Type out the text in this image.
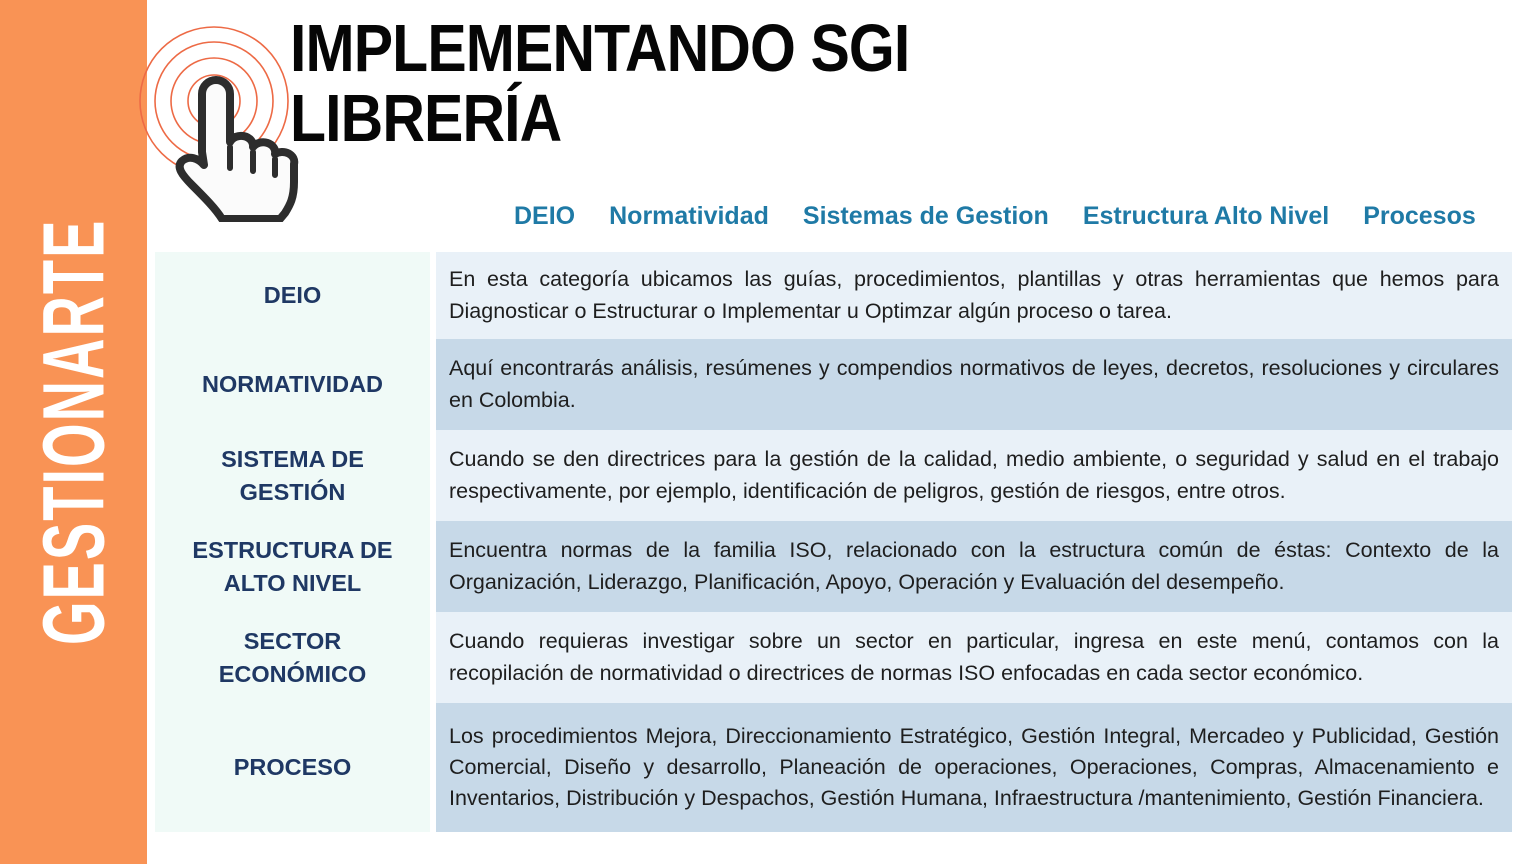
GESTIONARTE
IMPLEMENTANDO SGI
LIBRERÍA
DEIO Normatividad Sistemas de Gestion Estructura Alto Nivel Procesos
DEIO
En esta categoría ubicamos las guías, procedimientos, plantillas y otras herramientas que hemos para Diagnosticar o Estructurar o Implementar u Optimzar algún proceso o tarea.
NORMATIVIDAD
Aquí encontrarás análisis, resúmenes y compendios normativos de leyes, decretos, resoluciones y circulares en Colombia.
SISTEMA DE GESTIÓN
Cuando se den directrices para la gestión de la calidad, medio ambiente, o seguridad y salud en el trabajo respectivamente, por ejemplo, identificación de peligros, gestión de riesgos, entre otros.
ESTRUCTURA DE ALTO NIVEL
Encuentra normas de la familia ISO, relacionado con la estructura común de éstas: Contexto de la Organización, Liderazgo, Planificación, Apoyo, Operación y Evaluación del desempeño.
SECTOR ECONÓMICO
Cuando requieras investigar sobre un sector en particular, ingresa en este menú, contamos con la recopilación de normatividad o directrices de normas ISO enfocadas en cada sector económico.
PROCESO
Los procedimientos Mejora, Direccionamiento Estratégico, Gestión Integral, Mercadeo y Publicidad, Gestión Comercial, Diseño y desarrollo, Planeación de operaciones, Operaciones, Compras, Almacenamiento e Inventarios, Distribución y Despachos, Gestión Humana, Infraestructura /mantenimiento, Gestión Financiera.
